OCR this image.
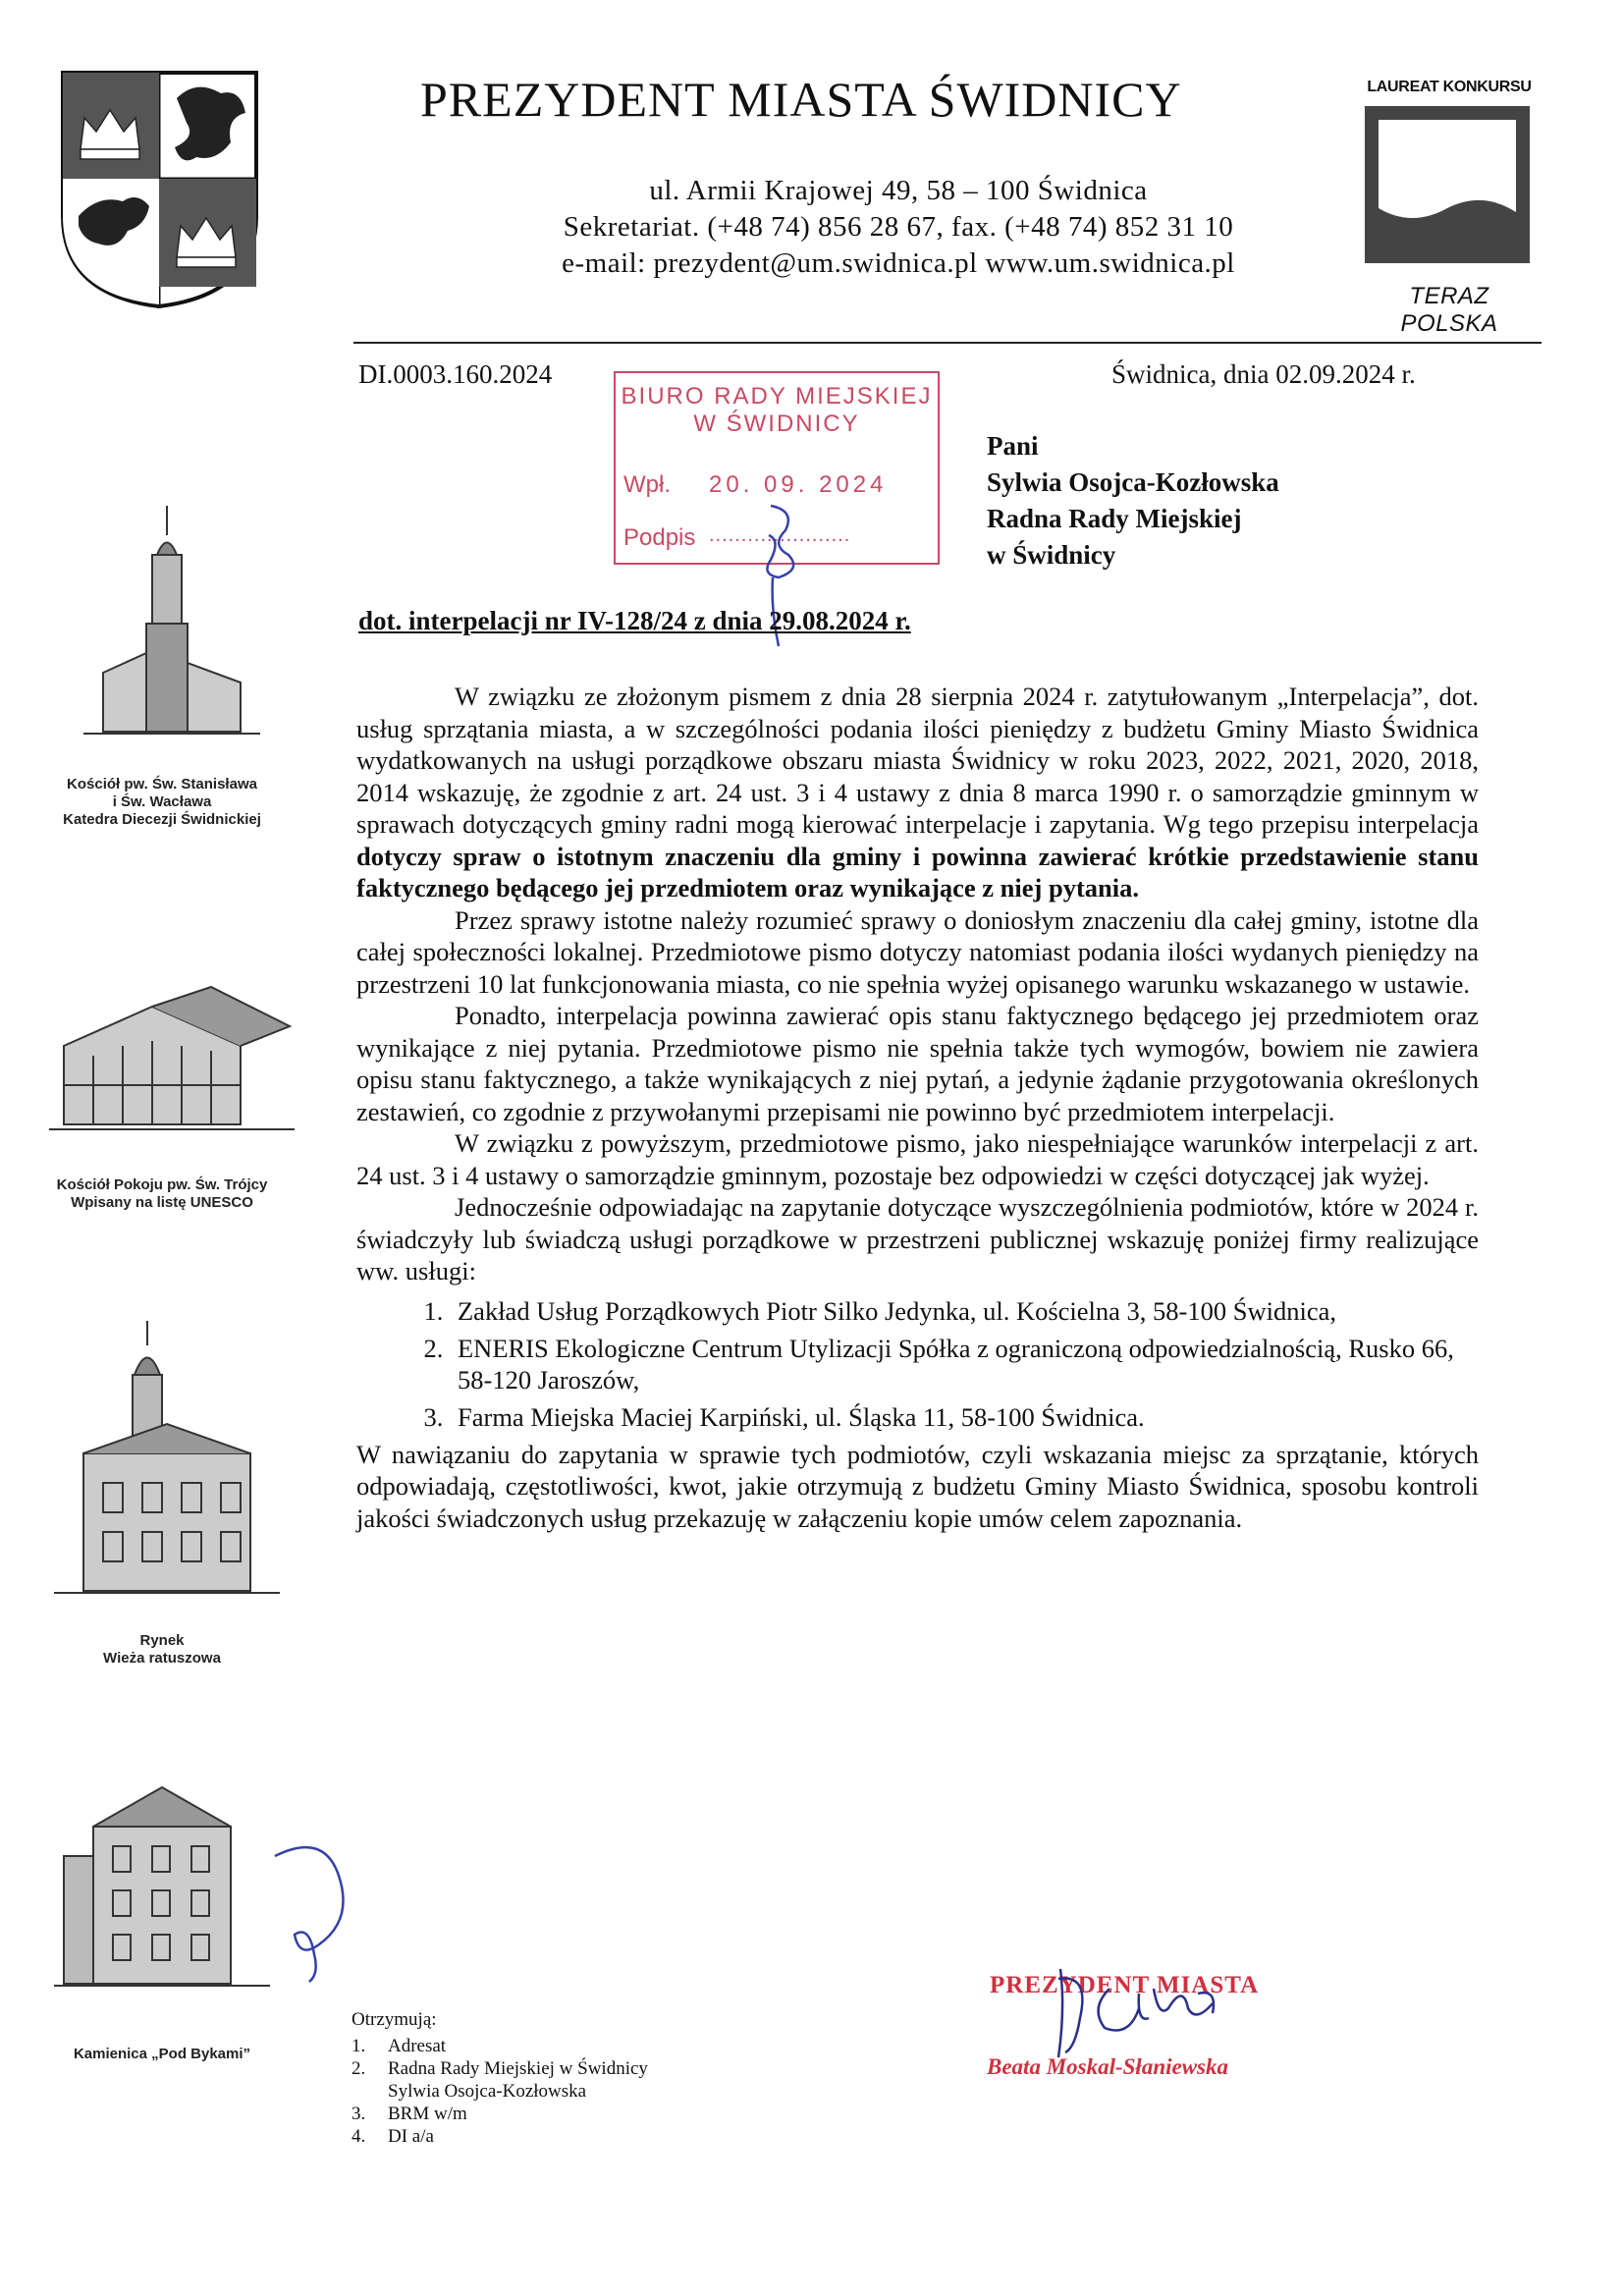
PREZYDENT MIASTA ŚWIDNICY
ul. Armii Krajowej 49, 58 – 100 Świdnica
Sekretariat. (+48 74) 856 28 67, fax. (+48 74) 852 31 10
e-mail: prezydent@um.swidnica.pl www.um.swidnica.pl
LAUREAT KONKURSU
TERAZ POLSKA
DI.0003.160.2024	Świdnica, dnia 02.09.2024 r.
BIURO RADY MIEJSKIEJ
W ŚWIDNICY
Wpł. 20. 09. 2024
Podpis ......................
Pani
Sylwia Osojca-Kozłowska
Radna Rady Miejskiej
w Świdnicy
dot. interpelacji nr IV-128/24 z dnia 29.08.2024 r.

W związku ze złożonym pismem z dnia 28 sierpnia 2024 r. zatytułowanym „Interpelacja”, dot. usług sprzątania miasta, a w szczególności podania ilości pieniędzy z budżetu Gminy Miasto Świdnica wydatkowanych na usługi porządkowe obszaru miasta Świdnicy w roku 2023, 2022, 2021, 2020, 2018, 2014 wskazuję, że zgodnie z art. 24 ust. 3 i 4 ustawy z dnia 8 marca 1990 r. o samorządzie gminnym w sprawach dotyczących gminy radni mogą kierować interpelacje i zapytania. Wg tego przepisu interpelacja dotyczy spraw o istotnym znaczeniu dla gminy i powinna zawierać krótkie przedstawienie stanu faktycznego będącego jej przedmiotem oraz wynikające z niej pytania.

Przez sprawy istotne należy rozumieć sprawy o doniosłym znaczeniu dla całej gminy, istotne dla całej społeczności lokalnej. Przedmiotowe pismo dotyczy natomiast podania ilości wydanych pieniędzy na przestrzeni 10 lat funkcjonowania miasta, co nie spełnia wyżej opisanego warunku wskazanego w ustawie.

Ponadto, interpelacja powinna zawierać opis stanu faktycznego będącego jej przedmiotem oraz wynikające z niej pytania. Przedmiotowe pismo nie spełnia także tych wymogów, bowiem nie zawiera opisu stanu faktycznego, a także wynikających z niej pytań, a jedynie żądanie przygotowania określonych zestawień, co zgodnie z przywołanymi przepisami nie powinno być przedmiotem interpelacji.

W związku z powyższym, przedmiotowe pismo, jako niespełniające warunków interpelacji z art. 24 ust. 3 i 4 ustawy o samorządzie gminnym, pozostaje bez odpowiedzi w części dotyczącej jak wyżej.

Jednocześnie odpowiadając na zapytanie dotyczące wyszczególnienia podmiotów, które w 2024 r. świadczyły lub świadczą usługi porządkowe w przestrzeni publicznej wskazuję poniżej firmy realizujące ww. usługi:

1. Zakład Usług Porządkowych Piotr Silko Jedynka, ul. Kościelna 3, 58-100 Świdnica,
2. ENERIS Ekologiczne Centrum Utylizacji Spółka z ograniczoną odpowiedzialnością, Rusko 66, 58-120 Jaroszów,
3. Farma Miejska Maciej Karpiński, ul. Śląska 11, 58-100 Świdnica.

W nawiązaniu do zapytania w sprawie tych podmiotów, czyli wskazania miejsc za sprzątanie, których odpowiadają, częstotliwości, kwot, jakie otrzymują z budżetu Gminy Miasto Świdnica, sposobu kontroli jakości świadczonych usług przekazuję w załączeniu kopie umów celem zapoznania.

Kościół pw. Św. Stanisława
i Św. Wacława
Katedra Diecezji Świdnickiej
Kościół Pokoju pw. Św. Trójcy
Wpisany na listę UNESCO
Rynek
Wieża ratuszowa
Kamienica „Pod Bykami”
Otrzymują:
1.	Adresat
2.	Radna Rady Miejskiej w Świdnicy
Sylwia Osojca-Kozłowska
3.	BRM w/m
4.	DI a/a
PREZYDENT MIASTA
Beata Moskal-Słaniewska
